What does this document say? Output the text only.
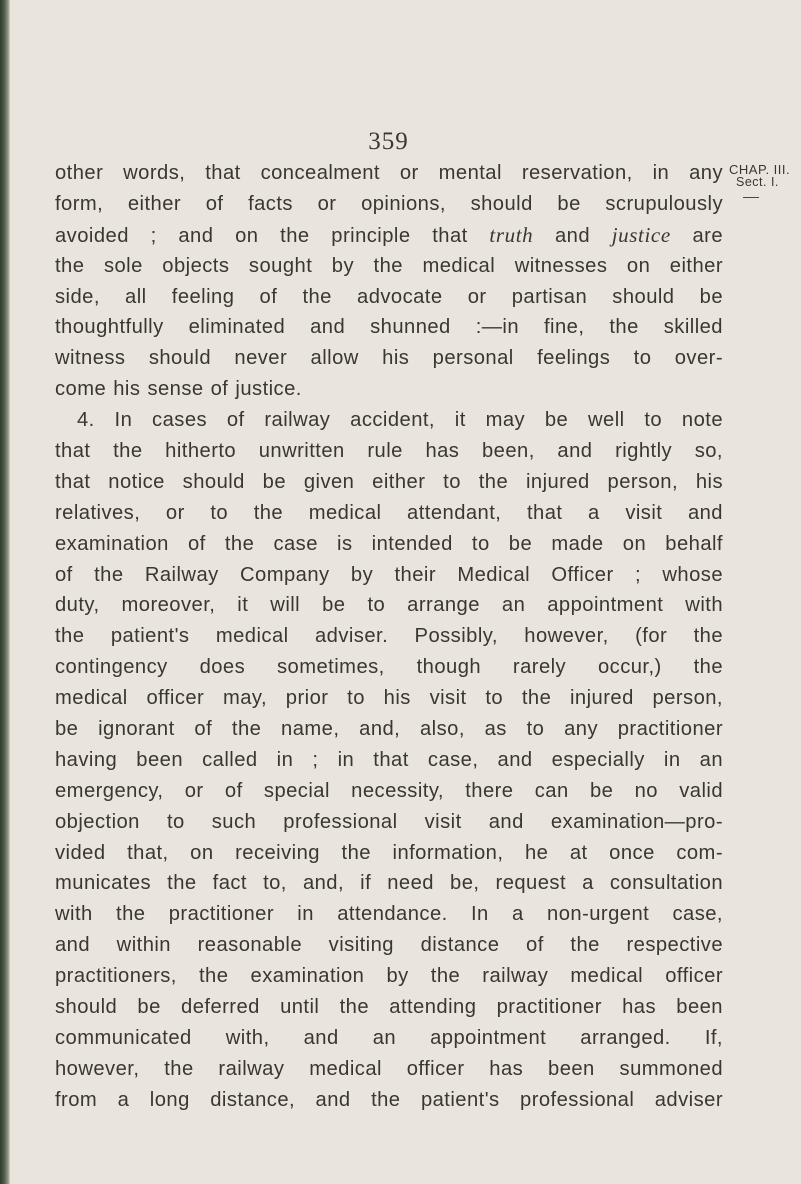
359
CHAP. III.
Sect. I.
other words, that concealment or mental reservation, in any
form, either of facts or opinions, should be scrupulously
avoided ; and on the principle that truth and justice are
the sole objects sought by the medical witnesses on either
side, all feeling of the advocate or partisan should be
thoughtfully eliminated and shunned :—in fine, the skilled
witness should never allow his personal feelings to over-
come his sense of justice.
4. In cases of railway accident, it may be well to note
that the hitherto unwritten rule has been, and rightly so,
that notice should be given either to the injured person, his
relatives, or to the medical attendant, that a visit and
examination of the case is intended to be made on behalf
of the Railway Company by their Medical Officer ; whose
duty, moreover, it will be to arrange an appointment with
the patient's medical adviser. Possibly, however, (for the
contingency does sometimes, though rarely occur,) the
medical officer may, prior to his visit to the injured person,
be ignorant of the name, and, also, as to any practitioner
having been called in ; in that case, and especially in an
emergency, or of special necessity, there can be no valid
objection to such professional visit and examination—pro-
vided that, on receiving the information, he at once com-
municates the fact to, and, if need be, request a consultation
with the practitioner in attendance. In a non-urgent case,
and within reasonable visiting distance of the respective
practitioners, the examination by the railway medical officer
should be deferred until the attending practitioner has been
communicated with, and an appointment arranged. If,
however, the railway medical officer has been summoned
from a long distance, and the patient's professional adviser
